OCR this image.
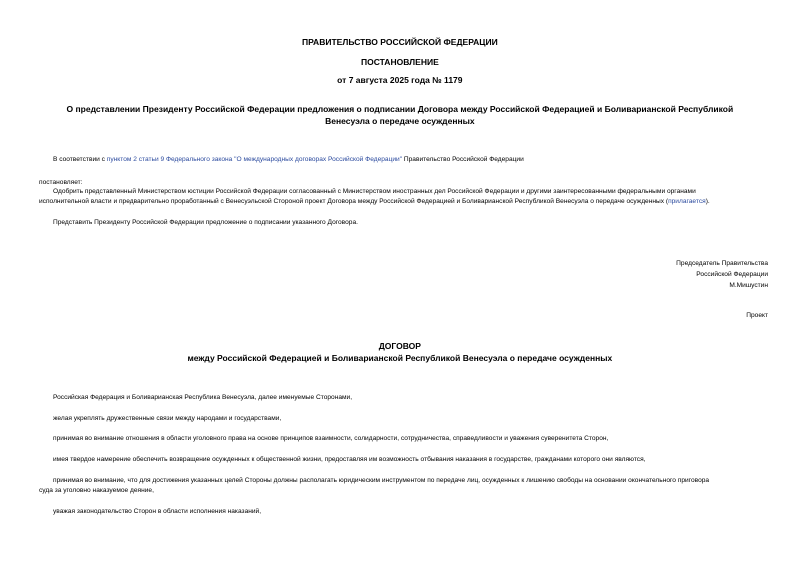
ПРАВИТЕЛЬСТВО РОССИЙСКОЙ ФЕДЕРАЦИИ
ПОСТАНОВЛЕНИЕ
от 7 августа 2025 года № 1179
О представлении Президенту Российской Федерации предложения о подписании Договора между Российской Федерацией и Боливарианской Республикой
Венесуэла о передаче осужденных
В соответствии с пунктом 2 статьи 9 Федерального закона "О международных договорах Российской Федерации" Правительство Российской Федерации
постановляет:
Одобрить представленный Министерством юстиции Российской Федерации согласованный с Министерством иностранных дел Российской Федерации и другими заинтересованными федеральными органами
исполнительной власти и предварительно проработанный с Венесуэльской Стороной проект Договора между Российской Федерацией и Боливарианской Республикой Венесуэла о передаче осужденных (прилагается).
Представить Президенту Российской Федерации предложение о подписании указанного Договора.
Председатель Правительства
Российской Федерации
М.Мишустин
Проект
ДОГОВОР
между Российской Федерацией и Боливарианской Республикой Венесуэла о передаче осужденных
Российская Федерация и Боливарианская Республика Венесуэла, далее именуемые Сторонами,
желая укреплять дружественные связи между народами и государствами,
принимая во внимание отношения в области уголовного права на основе принципов взаимности, солидарности, сотрудничества, справедливости и уважения суверенитета Сторон,
имея твердое намерение обеспечить возвращение осужденных к общественной жизни, предоставляя им возможность отбывания наказания в государстве, гражданами которого они являются,
принимая во внимание, что для достижения указанных целей Стороны должны располагать юридическим инструментом по передаче лиц, осужденных к лишению свободы на основании окончательного приговора
суда за уголовно наказуемое деяние,
уважая законодательство Сторон в области исполнения наказаний,
